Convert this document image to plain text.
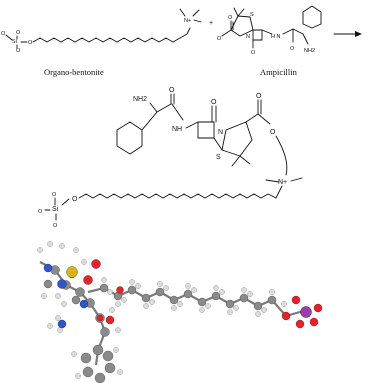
O O
O
Si O
N+
Organo-bentonite
+
O
O	S
N
O
H N
O NH2
Ampicillin
NH2
O
NH
O
N
S
O
O
N+
O
Si
O
O
O
